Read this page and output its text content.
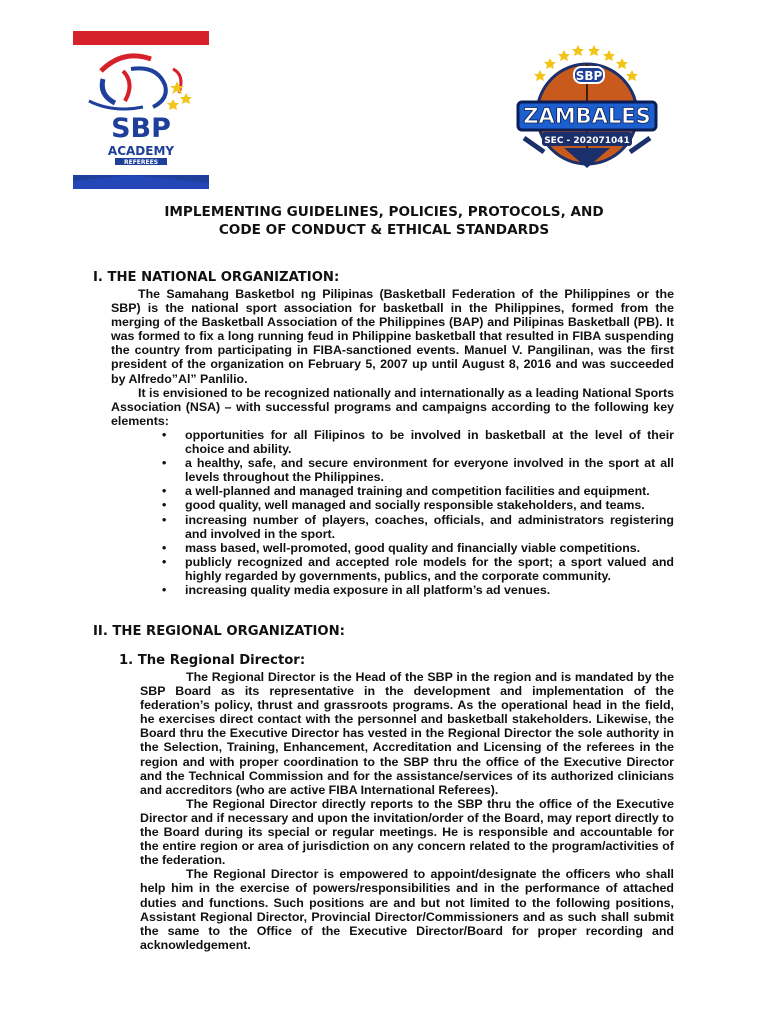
SBP
ACADEMY
REFEREES
SBP
ZAMBALES
SEC - 202071041
IMPLEMENTING GUIDELINES, POLICIES, PROTOCOLS, AND
CODE OF CONDUCT & ETHICAL STANDARDS
I. THE NATIONAL ORGANIZATION:

The Samahang Basketbol ng Pilipinas (Basketball Federation of the Philippines or the SBP) is the national sport association for basketball in the Philippines, formed from the merging of the Basketball Association of the Philippines (BAP) and Pilipinas Basketball (PB). It was formed to fix a long running feud in Philippine basketball that resulted in FIBA suspending the country from participating in FIBA-sanctioned events. Manuel V. Pangilinan, was the first president of the organization on February 5, 2007 up until August 8, 2016 and was succeeded by Alfredo”Al” Panlilio.

It is envisioned to be recognized nationally and internationally as a leading National Sports Association (NSA) – with successful programs and campaigns according to the following key elements:

• opportunities for all Filipinos to be involved in basketball at the level of their choice and ability.
• a healthy, safe, and secure environment for everyone involved in the sport at all levels throughout the Philippines.
• a well-planned and managed training and competition facilities and equipment.
• good quality, well managed and socially responsible stakeholders, and teams.
• increasing number of players, coaches, officials, and administrators registering and involved in the sport.
• mass based, well-promoted, good quality and financially viable competitions.
• publicly recognized and accepted role models for the sport; a sport valued and highly regarded by governments, publics, and the corporate community.
• increasing quality media exposure in all platform’s ad venues.
II. THE REGIONAL ORGANIZATION:
1. The Regional Director:

The Regional Director is the Head of the SBP in the region and is mandated by the SBP Board as its representative in the development and implementation of the federation’s policy, thrust and grassroots programs. As the operational head in the field, he exercises direct contact with the personnel and basketball stakeholders. Likewise, the Board thru the Executive Director has vested in the Regional Director the sole authority in the Selection, Training, Enhancement, Accreditation and Licensing of the referees in the region and with proper coordination to the SBP thru the office of the Executive Director and the Technical Commission and for the assistance/services of its authorized clinicians and accreditors (who are active FIBA International Referees).

The Regional Director directly reports to the SBP thru the office of the Executive Director and if necessary and upon the invitation/order of the Board, may report directly to the Board during its special or regular meetings. He is responsible and accountable for the entire region or area of jurisdiction on any concern related to the program/activities of the federation.

The Regional Director is empowered to appoint/designate the officers who shall help him in the exercise of powers/responsibilities and in the performance of attached duties and functions. Such positions are and but not limited to the following positions, Assistant Regional Director, Provincial Director/Commissioners and as such shall submit the same to the Office of the Executive Director/Board for proper recording and acknowledgement.
